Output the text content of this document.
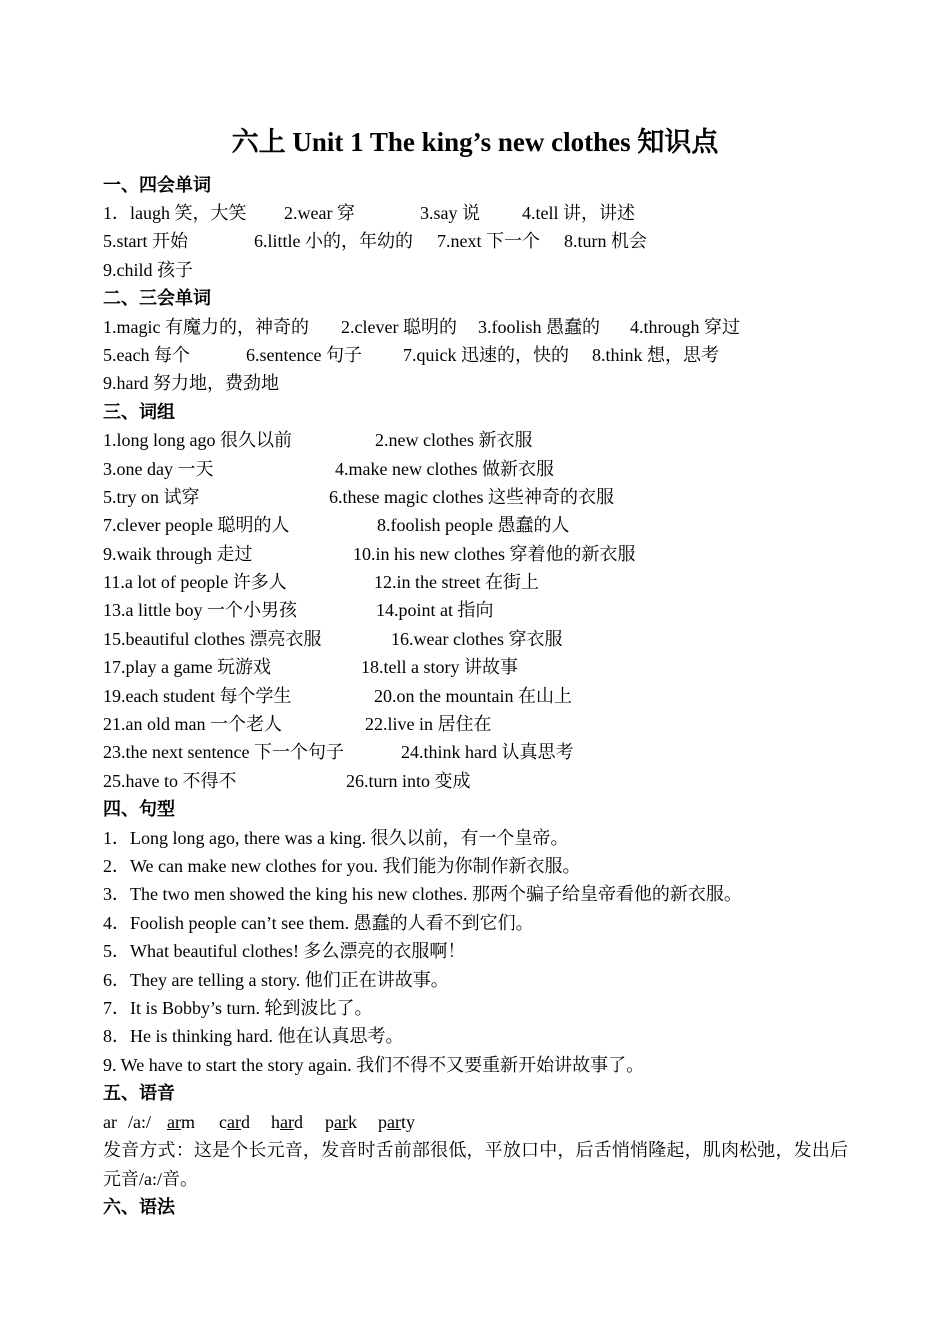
六上 Unit 1 The king’s new clothes 知识点
一、四会单词
1．laugh 笑，大笑 2.wear 穿	3.say 说 4.tell 讲，讲述
5.start 开始	6.little 小的，年幼的 7.next 下一个 8.turn 机会
9.child 孩子
二、三会单词
1.magic 有魔力的，神奇的 2.clever 聪明的 3.foolish 愚蠢的 4.through 穿过
5.each 每个	6.sentence 句子 7.quick 迅速的，快的 8.think 想，思考
9.hard 努力地，费劲地
三、词组
1.long long ago 很久以前	2.new clothes 新衣服
3.one day 一天	4.make new clothes 做新衣服
5.try on 试穿	6.these magic clothes 这些神奇的衣服
7.clever people 聪明的人	8.foolish people 愚蠢的人
9.waik through 走过	10.in his new clothes 穿着他的新衣服
11.a lot of people 许多人	12.in the street 在街上
13.a little boy 一个小男孩	14.point at 指向
15.beautiful clothes 漂亮衣服	16.wear clothes 穿衣服
17.play a game 玩游戏	18.tell a story 讲故事
19.each student 每个学生	20.on the mountain 在山上
21.an old man 一个老人	22.live in 居住在
23.the next sentence 下一个句子	24.think hard 认真思考
25.have to 不得不	26.turn into 变成
四、句型
1．Long long ago, there was a king. 很久以前，有一个皇帝。
2．We can make new clothes for you. 我们能为你制作新衣服。
3．The two men showed the king his new clothes. 那两个骗子给皇帝看他的新衣服。
4．Foolish people can’t see them. 愚蠢的人看不到它们。
5．What beautiful clothes! 多么漂亮的衣服啊！
6．They are telling a story. 他们正在讲故事。
7．It is Bobby’s turn. 轮到波比了。
8．He is thinking hard. 他在认真思考。
9. We have to start the story again. 我们不得不又要重新开始讲故事了。
五、语音
ar /a:/ arm card hard park party
发音方式：这是个长元音，发音时舌前部很低，平放口中，后舌悄悄隆起，肌肉松弛，发出后元音/a:/音。
六、语法
